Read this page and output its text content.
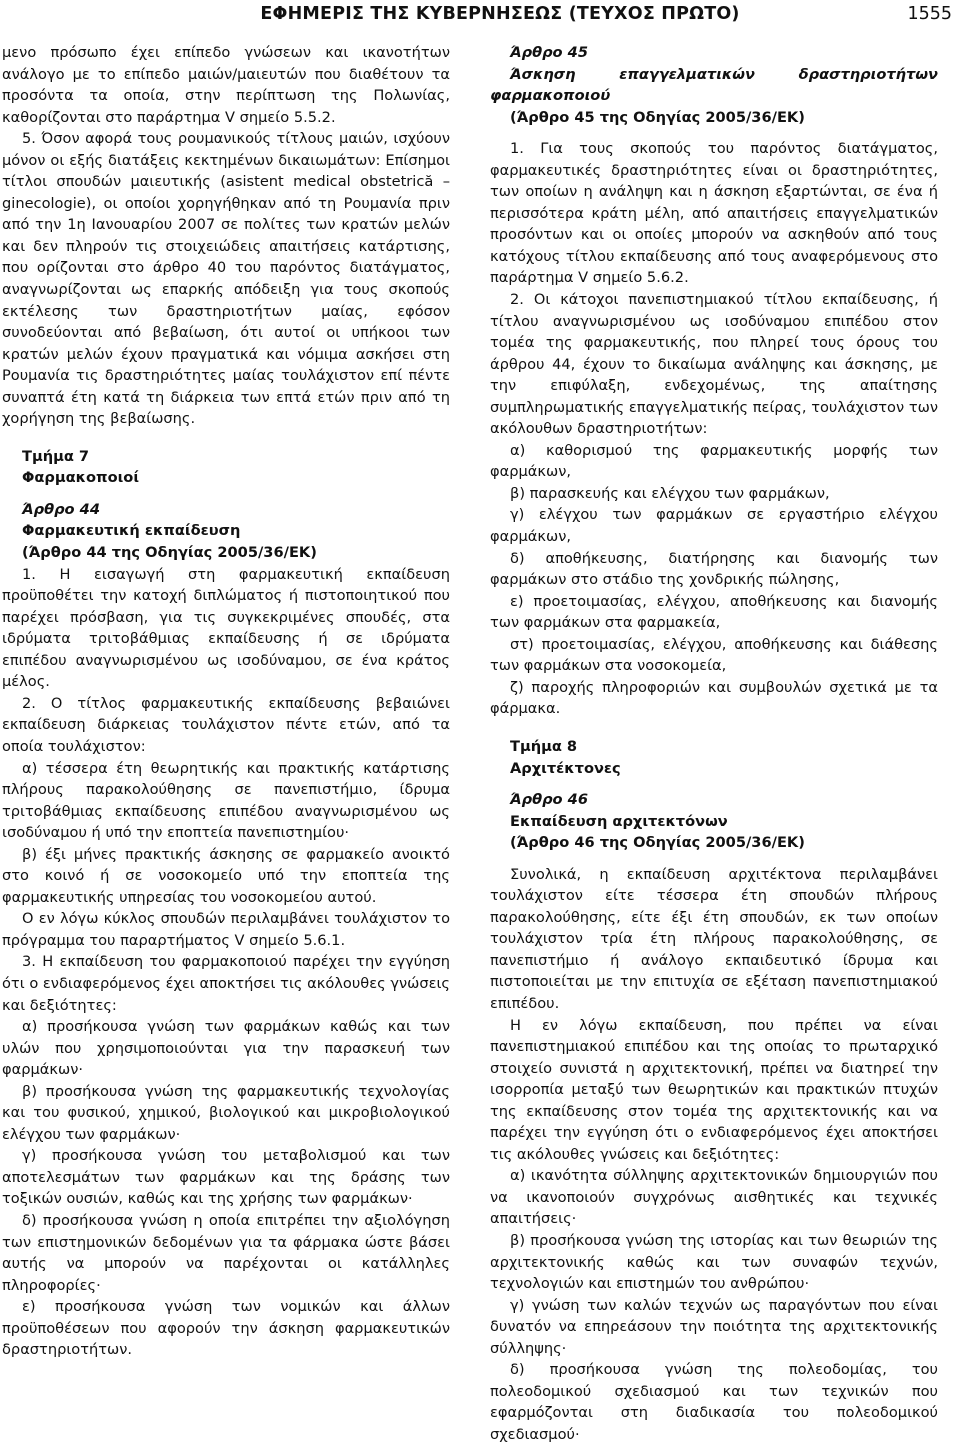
ΕΦΗΜΕΡΙΣ ΤΗΣ ΚΥΒΕΡΝΗΣΕΩΣ (ΤΕΥΧΟΣ ΠΡΩΤΟ)	1555

μενο πρόσωπο έχει επίπεδο γνώσεων και ικανοτήτων ανάλογο με το επίπεδο μαιών/μαιευτών που διαθέτουν τα προσόντα τα οποία, στην περίπτωση της Πολωνίας, καθορίζονται στο παράρτημα V σημείο 5.5.2.

5. Όσον αφορά τους ρουμανικούς τίτλους μαιών, ισχύουν μόνον οι εξής διατάξεις κεκτημένων δικαιωμάτων: Επίσημοι τίτλοι σπουδών μαιευτικής (asistent medical obstetrică – ginecologie), οι οποίοι χορηγήθηκαν από τη Ρουμανία πριν από την 1η Ιανουαρίου 2007 σε πολίτες των κρατών μελών και δεν πληρούν τις στοιχειώδεις απαιτήσεις κατάρτισης, που ορίζονται στο άρθρο 40 του παρόντος διατάγματος, αναγνωρίζονται ως επαρκής απόδειξη για τους σκοπούς εκτέλεσης των δραστηριοτήτων μαίας, εφόσον συνοδεύονται από βεβαίωση, ότι αυτοί οι υπήκοοι των κρατών μελών έχουν πραγματικά και νόμιμα ασκήσει στη Ρουμανία τις δραστηριότητες μαίας τουλάχιστον επί πέντε συναπτά έτη κατά τη διάρκεια των επτά ετών πριν από τη χορήγηση της βεβαίωσης.

Τμήμα 7

Φαρμακοποιοί

Άρθρο 44

Φαρμακευτική εκπαίδευση

(Άρθρο 44 της Οδηγίας 2005/36/ΕΚ)

1. Η εισαγωγή στη φαρμακευτική εκπαίδευση προϋποθέτει την κατοχή διπλώματος ή πιστοποιητικού που παρέχει πρόσβαση, για τις συγκεκριμένες σπουδές, στα ιδρύματα τριτοβάθμιας εκπαίδευσης ή σε ιδρύματα επιπέδου αναγνωρισμένου ως ισοδύναμου, σε ένα κράτος μέλος.

2. Ο τίτλος φαρμακευτικής εκπαίδευσης βεβαιώνει εκπαίδευση διάρκειας τουλάχιστον πέντε ετών, από τα οποία τουλάχιστον:

α) τέσσερα έτη θεωρητικής και πρακτικής κατάρτισης πλήρους παρακολούθησης σε πανεπιστήμιο, ίδρυμα τριτοβάθμιας εκπαίδευσης επιπέδου αναγνωρισμένου ως ισοδύναμου ή υπό την εποπτεία πανεπιστημίου·

β) έξι μήνες πρακτικής άσκησης σε φαρμακείο ανοικτό στο κοινό ή σε νοσοκομείο υπό την εποπτεία της φαρμακευτικής υπηρεσίας του νοσοκομείου αυτού.

Ο εν λόγω κύκλος σπουδών περιλαμβάνει τουλάχιστον το πρόγραμμα του παραρτήματος V σημείο 5.6.1.

3. Η εκπαίδευση του φαρμακοποιού παρέχει την εγγύηση ότι ο ενδιαφερόμενος έχει αποκτήσει τις ακόλουθες γνώσεις και δεξιότητες:

α) προσήκουσα γνώση των φαρμάκων καθώς και των υλών που χρησιμοποιούνται για την παρασκευή των φαρμάκων·

β) προσήκουσα γνώση της φαρμακευτικής τεχνολογίας και του φυσικού, χημικού, βιολογικού και μικροβιολογικού ελέγχου των φαρμάκων·

γ) προσήκουσα γνώση του μεταβολισμού και των αποτελεσμάτων των φαρμάκων και της δράσης των τοξικών ουσιών, καθώς και της χρήσης των φαρμάκων·

δ) προσήκουσα γνώση η οποία επιτρέπει την αξιολόγηση των επιστημονικών δεδομένων για τα φάρμακα ώστε βάσει αυτής να μπορούν να παρέχονται οι κατάλληλες πληροφορίες·

ε) προσήκουσα γνώση των νομικών και άλλων προϋποθέσεων που αφορούν την άσκηση φαρμακευτικών δραστηριοτήτων.

Άρθρο 45

Άσκηση επαγγελματικών δραστηριοτήτων φαρμακοποιού

(Άρθρο 45 της Οδηγίας 2005/36/ΕΚ)

1. Για τους σκοπούς του παρόντος διατάγματος, φαρμακευτικές δραστηριότητες είναι οι δραστηριότητες, των οποίων η ανάληψη και η άσκηση εξαρτώνται, σε ένα ή περισσότερα κράτη μέλη, από απαιτήσεις επαγγελματικών προσόντων και οι οποίες μπορούν να ασκηθούν από τους κατόχους τίτλου εκπαίδευσης από τους αναφερόμενους στο παράρτημα V σημείο 5.6.2.

2. Οι κάτοχοι πανεπιστημιακού τίτλου εκπαίδευσης, ή τίτλου αναγνωρισμένου ως ισοδύναμου επιπέδου στον τομέα της φαρμακευτικής, που πληρεί τους όρους του άρθρου 44, έχουν το δικαίωμα ανάληψης και άσκησης, με την επιφύλαξη, ενδεχομένως, της απαίτησης συμπληρωματικής επαγγελματικής πείρας, τουλάχιστον των ακόλουθων δραστηριοτήτων:

α) καθορισμού της φαρμακευτικής μορφής των φαρμάκων,

β) παρασκευής και ελέγχου των φαρμάκων,

γ) ελέγχου των φαρμάκων σε εργαστήριο ελέγχου φαρμάκων,

δ) αποθήκευσης, διατήρησης και διανομής των φαρμάκων στο στάδιο της χονδρικής πώλησης,

ε) προετοιμασίας, ελέγχου, αποθήκευσης και διανομής των φαρμάκων στα φαρμακεία,

στ) προετοιμασίας, ελέγχου, αποθήκευσης και διάθεσης των φαρμάκων στα νοσοκομεία,

ζ) παροχής πληροφοριών και συμβουλών σχετικά με τα φάρμακα.

Τμήμα 8

Αρχιτέκτονες

Άρθρο 46

Εκπαίδευση αρχιτεκτόνων

(Άρθρο 46 της Οδηγίας 2005/36/ΕΚ)

Συνολικά, η εκπαίδευση αρχιτέκτονα περιλαμβάνει τουλάχιστον είτε τέσσερα έτη σπουδών πλήρους παρακολούθησης, είτε έξι έτη σπουδών, εκ των οποίων τουλάχιστον τρία έτη πλήρους παρακολούθησης, σε πανεπιστήμιο ή ανάλογο εκπαιδευτικό ίδρυμα και πιστοποιείται με την επιτυχία σε εξέταση πανεπιστημιακού επιπέδου.

Η εν λόγω εκπαίδευση, που πρέπει να είναι πανεπιστημιακού επιπέδου και της οποίας το πρωταρχικό στοιχείο συνιστά η αρχιτεκτονική, πρέπει να διατηρεί την ισορροπία μεταξύ των θεωρητικών και πρακτικών πτυχών της εκπαίδευσης στον τομέα της αρχιτεκτονικής και να παρέχει την εγγύηση ότι ο ενδιαφερόμενος έχει αποκτήσει τις ακόλουθες γνώσεις και δεξιότητες:

α) ικανότητα σύλληψης αρχιτεκτονικών δημιουργιών που να ικανοποιούν συγχρόνως αισθητικές και τεχνικές απαιτήσεις·

β) προσήκουσα γνώση της ιστορίας και των θεωριών της αρχιτεκτονικής καθώς και των συναφών τεχνών, τεχνολογιών και επιστημών του ανθρώπου·

γ) γνώση των καλών τεχνών ως παραγόντων που είναι δυνατόν να επηρεάσουν την ποιότητα της αρχιτεκτονικής σύλληψης·

δ) προσήκουσα γνώση της πολεοδομίας, του πολεοδομικού σχεδιασμού και των τεχνικών που εφαρμόζονται στη διαδικασία του πολεοδομικού σχεδιασμού·
